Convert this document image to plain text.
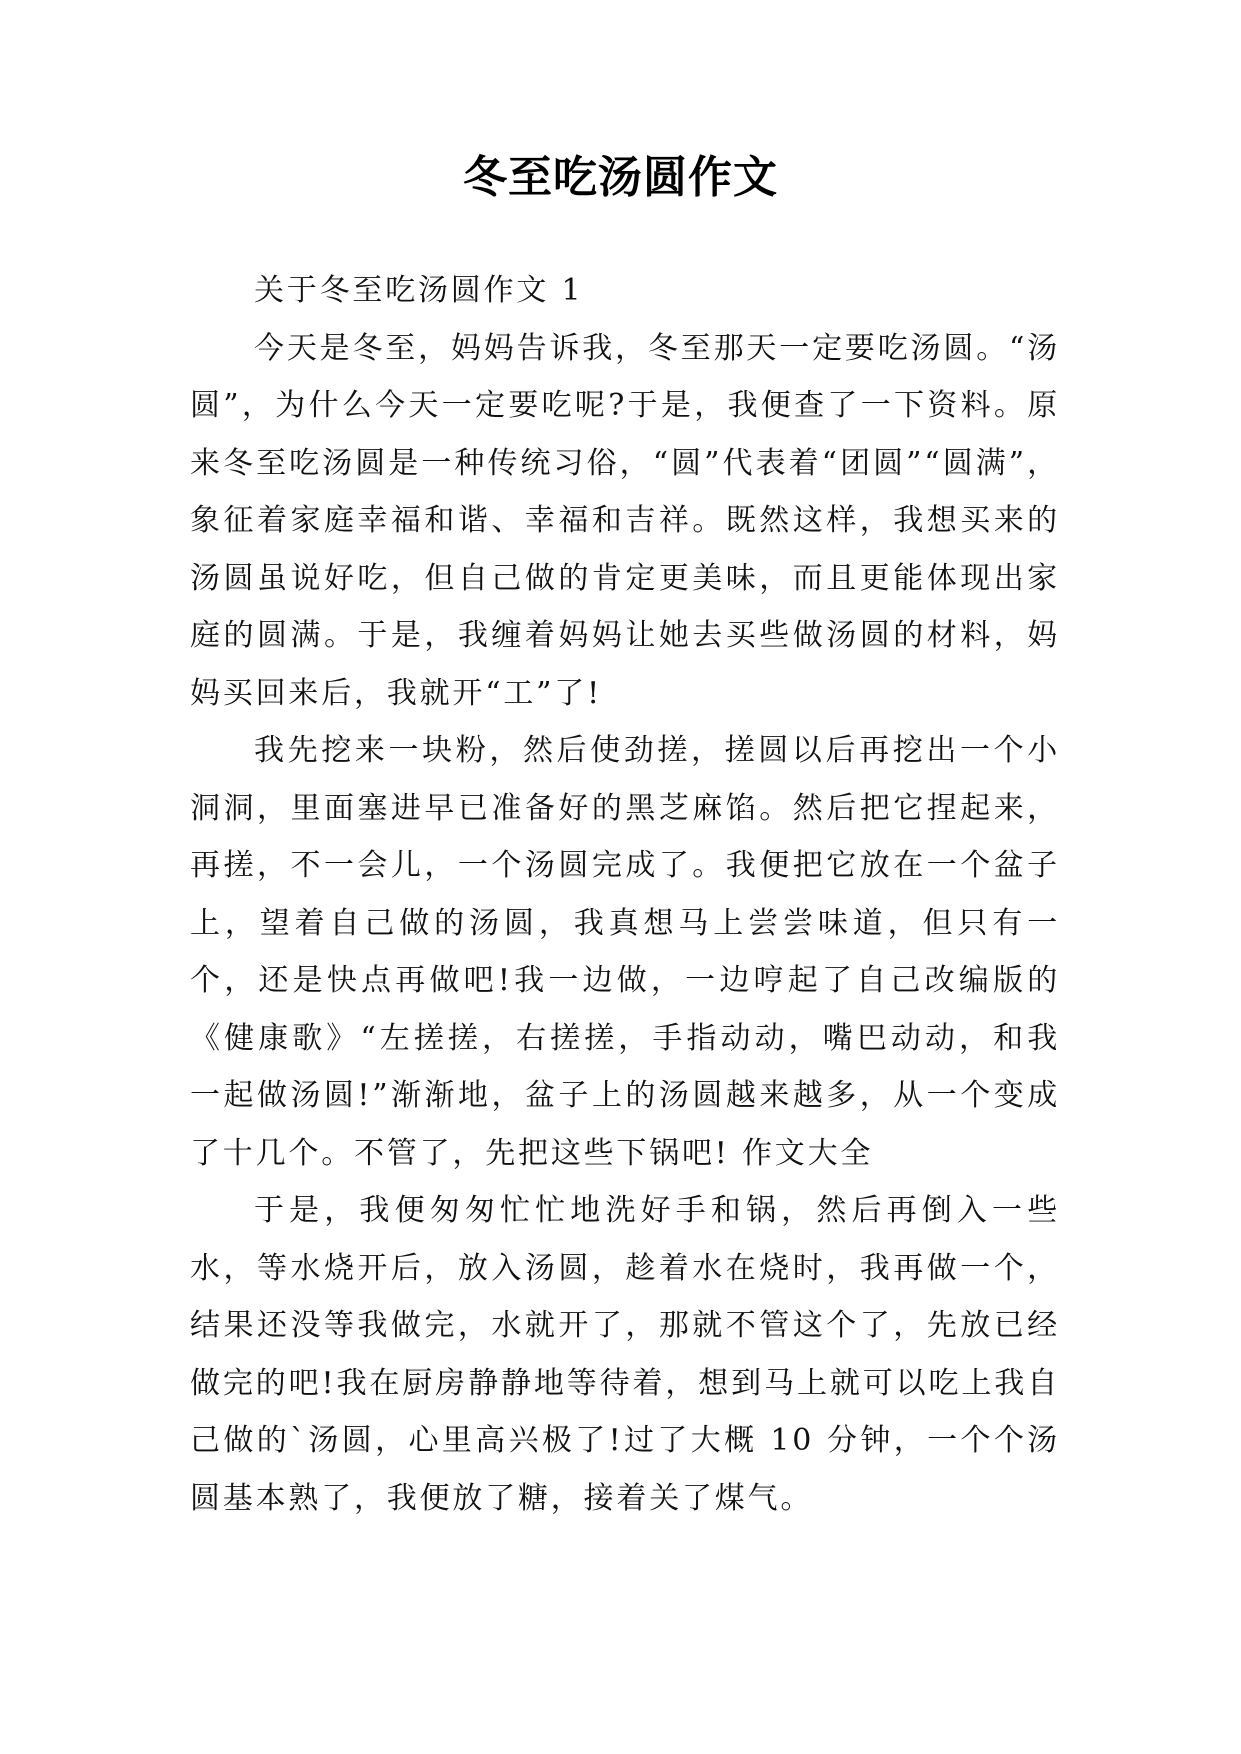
冬至吃汤圆作文

关于冬至吃汤圆作文 1

今天是冬至，妈妈告诉我，冬至那天一定要吃汤圆。“汤圆”，为什么今天一定要吃呢?于是，我便查了一下资料。原来冬至吃汤圆是一种传统习俗，“圆”代表着“团圆”“圆满”，象征着家庭幸福和谐、幸福和吉祥。既然这样，我想买来的汤圆虽说好吃，但自己做的肯定更美味，而且更能体现出家庭的圆满。于是，我缠着妈妈让她去买些做汤圆的材料，妈妈买回来后，我就开“工”了!

我先挖来一块粉，然后使劲搓，搓圆以后再挖出一个小洞洞，里面塞进早已准备好的黑芝麻馅。然后把它捏起来，再搓，不一会儿，一个汤圆完成了。我便把它放在一个盆子上，望着自己做的汤圆，我真想马上尝尝味道，但只有一个，还是快点再做吧!我一边做，一边哼起了自己改编版的《健康歌》“左搓搓，右搓搓，手指动动，嘴巴动动，和我一起做汤圆!”渐渐地，盆子上的汤圆越来越多，从一个变成了十几个。不管了，先把这些下锅吧! 作文大全

于是，我便匆匆忙忙地洗好手和锅，然后再倒入一些水，等水烧开后，放入汤圆，趁着水在烧时，我再做一个，结果还没等我做完，水就开了，那就不管这个了，先放已经做完的吧!我在厨房静静地等待着，想到马上就可以吃上我自己做的`汤圆，心里高兴极了!过了大概 10 分钟，一个个汤圆基本熟了，我便放了糖，接着关了煤气。
